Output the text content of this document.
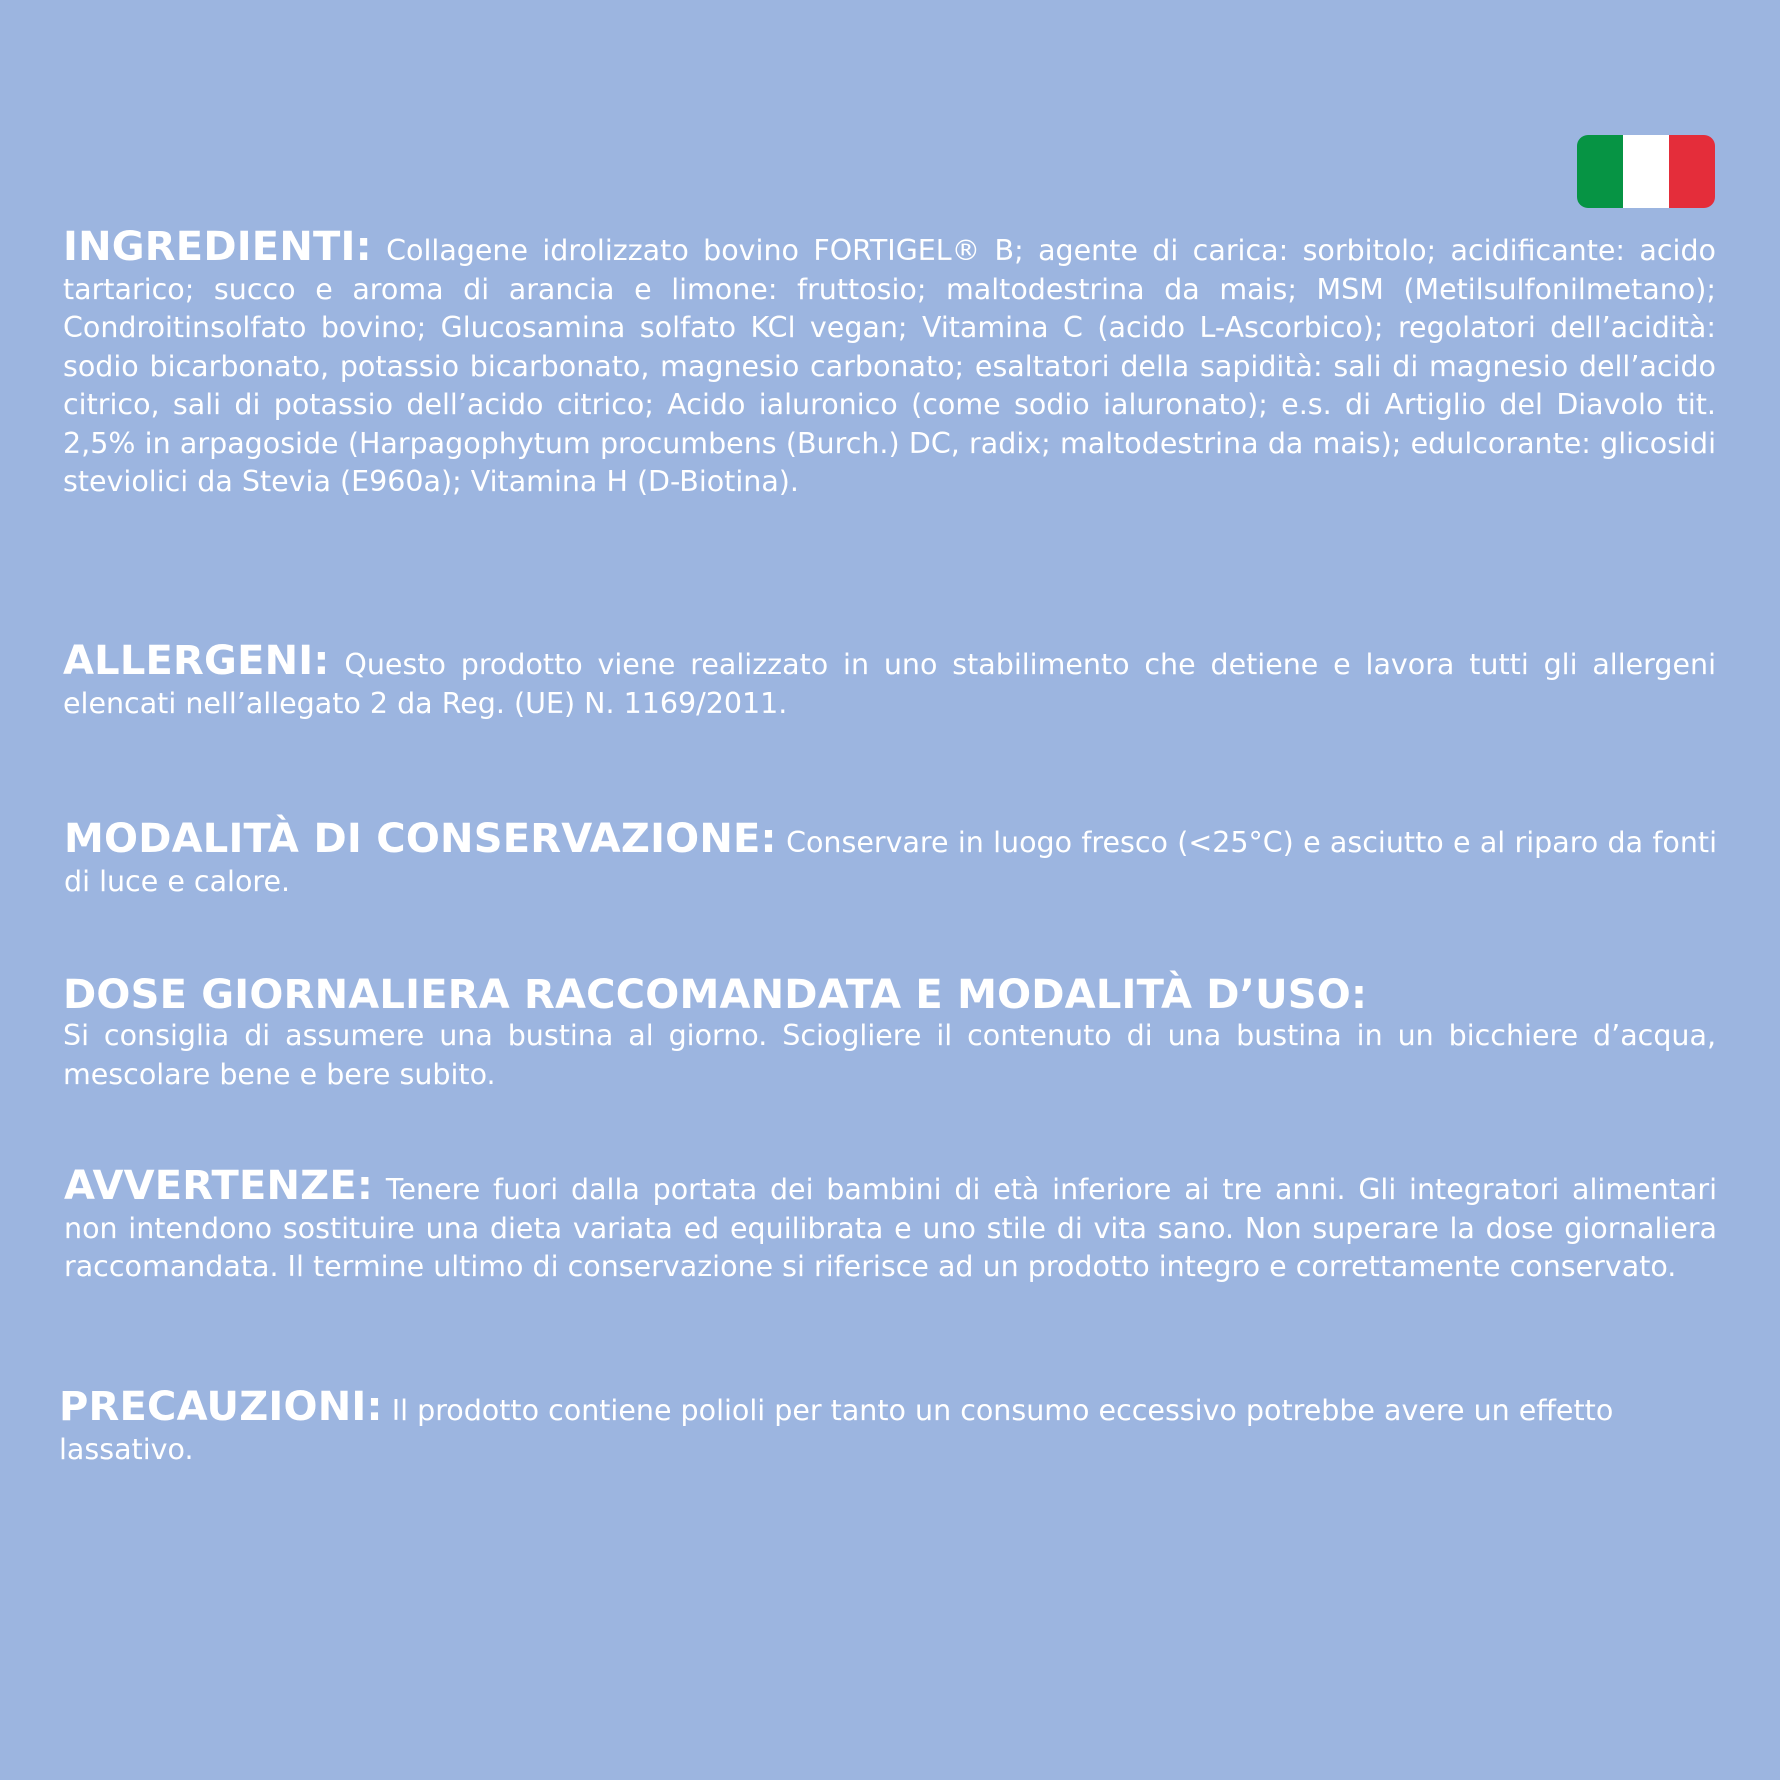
INGREDIENTI: Collagene idrolizzato bovino FORTIGEL® B; agente di carica: sorbitolo; acidificante: acido tartarico; succo e aroma di arancia e limone: fruttosio; maltodestrina da mais; MSM (Metilsulfonilmetano); Condroitinsolfato bovino; Glucosamina solfato KCl vegan; Vitamina C (acido L-Ascorbico); regolatori dell’acidità: sodio bicarbonato, potassio bicarbonato, magnesio carbonato; esaltatori della sapidità: sali di magnesio dell’acido citrico, sali di potassio dell’acido citrico; Acido ialuronico (come sodio ialuronato); e.s. di Artiglio del Diavolo tit. 2,5% in arpagoside (Harpagophytum procumbens (Burch.) DC, radix; maltodestrina da mais); edulcorante: glicosidi steviolici da Stevia (E960a); Vitamina H (D-Biotina).

ALLERGENI: Questo prodotto viene realizzato in uno stabilimento che detiene e lavora tutti gli allergeni elencati nell’allegato 2 da Reg. (UE) N. 1169/2011.

MODALITÀ DI CONSERVAZIONE: Conservare in luogo fresco (<25°C) e asciutto e al riparo da fonti di luce e calore.

DOSE GIORNALIERA RACCOMANDATA E MODALITÀ D’USO:
Si consiglia di assumere una bustina al giorno. Sciogliere il contenuto di una bustina in un bicchiere d’acqua, mescolare bene e bere subito.

AVVERTENZE: Tenere fuori dalla portata dei bambini di età inferiore ai tre anni. Gli integratori alimentari non intendono sostituire una dieta variata ed equilibrata e uno stile di vita sano. Non superare la dose giornaliera raccomandata. Il termine ultimo di conservazione si riferisce ad un prodotto integro e correttamente conservato.

PRECAUZIONI: Il prodotto contiene polioli per tanto un consumo eccessivo potrebbe avere un effetto lassativo.
